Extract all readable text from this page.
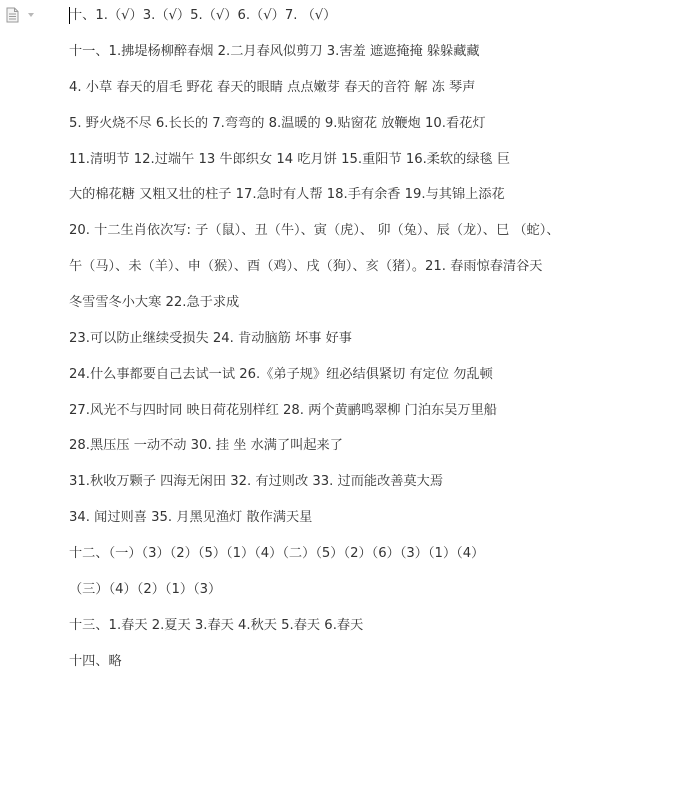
十、1.（√）3.（√）5.（√）6.（√）7. （√）
十一、1.拂堤杨柳醉春烟 2.二月春风似剪刀 3.害羞 遮遮掩掩 躲躲藏藏
4. 小草 春天的眉毛 野花 春天的眼睛 点点嫩芽 春天的音符 解 冻 琴声
5. 野火烧不尽 6.长长的 7.弯弯的 8.温暖的 9.贴窗花 放鞭炮 10.看花灯
11.清明节 12.过端午 13 牛郎织女 14 吃月饼 15.重阳节 16.柔软的绿毯 巨
大的棉花糖 又粗又壮的柱子 17.急时有人帮 18.手有余香 19.与其锦上添花
20. 十二生肖依次写: 子（鼠）、丑（牛）、寅（虎）、 卯（兔）、辰（龙）、巳 （蛇）、
午（马）、未（羊）、申（猴）、酉（鸡）、戌（狗）、亥（猪）。21. 春雨惊春清谷天
冬雪雪冬小大寒 22.急于求成
23.可以防止继续受损失 24. 肯动脑筋 坏事 好事
24.什么事都要自己去试一试 26.《弟子规》纽必结俱紧切 有定位 勿乱顿
27.风光不与四时同 映日荷花别样红 28. 两个黄鹂鸣翠柳 门泊东吴万里船
28.黑压压 一动不动 30. 挂 坐 水满了叫起来了
31.秋收万颗子 四海无闲田 32. 有过则改 33. 过而能改善莫大焉
34. 闻过则喜 35. 月黑见渔灯 散作满天星
十二、（一）（3）（2）（5）（1）（4）（二）（5）（2）（6）（3）（1）（4）
（三）（4）（2）（1）（3）
十三、1.春天 2.夏天 3.春天 4.秋天 5.春天 6.春天
十四、略
